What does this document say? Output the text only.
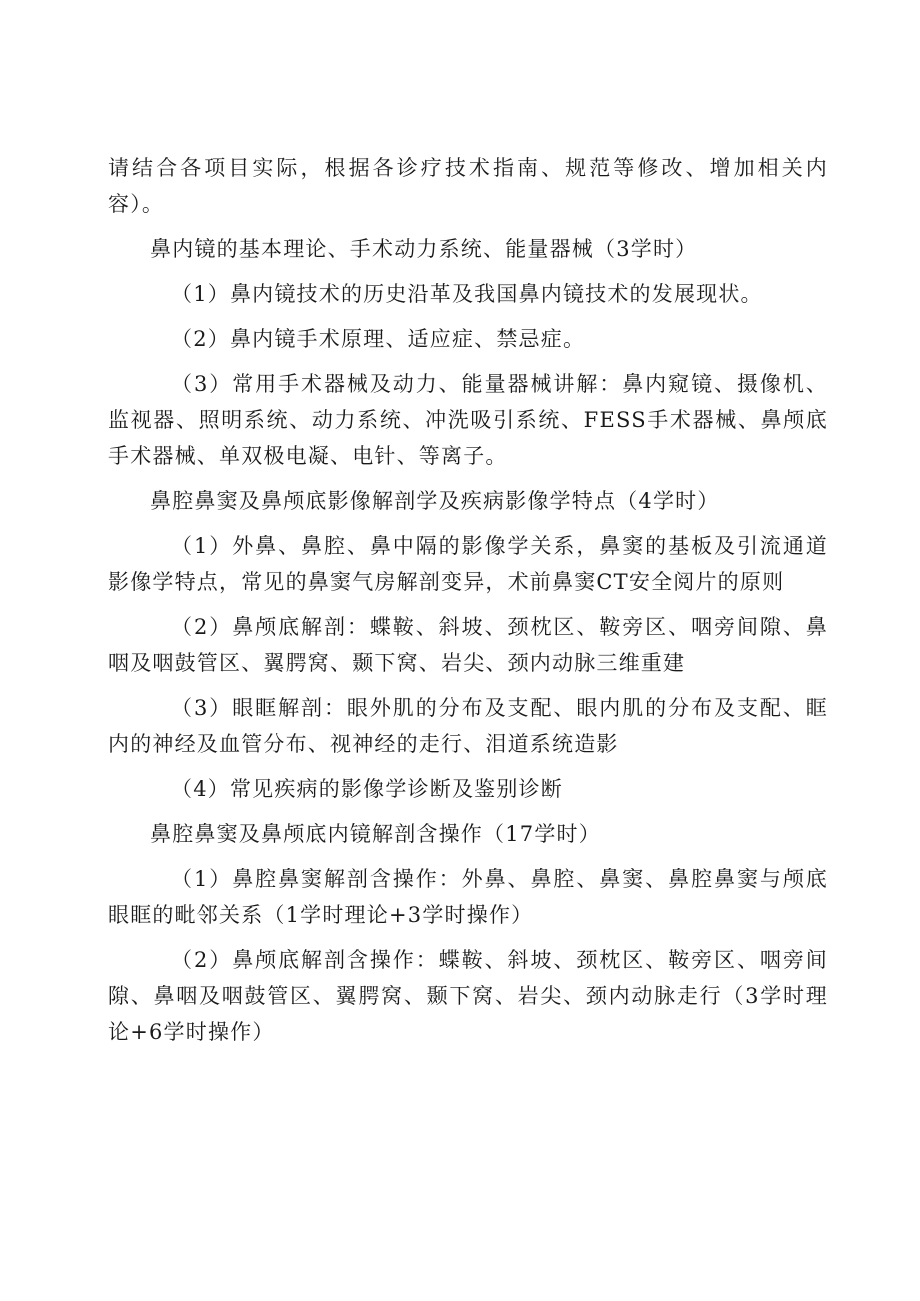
请结合各项目实际，根据各诊疗技术指南、规范等修改、增加相关内容）。

鼻内镜的基本理论、手术动力系统、能量器械（3学时）

（1）鼻内镜技术的历史沿革及我国鼻内镜技术的发展现状。

（2）鼻内镜手术原理、适应症、禁忌症。

（3）常用手术器械及动力、能量器械讲解：鼻内窥镜、摄像机、监视器、照明系统、动力系统、冲洗吸引系统、FESS手术器械、鼻颅底手术器械、单双极电凝、电针、等离子。

鼻腔鼻窦及鼻颅底影像解剖学及疾病影像学特点（4学时）

（1）外鼻、鼻腔、鼻中隔的影像学关系，鼻窦的基板及引流通道影像学特点，常见的鼻窦气房解剖变异，术前鼻窦CT安全阅片的原则

（2）鼻颅底解剖：蝶鞍、斜坡、颈枕区、鞍旁区、咽旁间隙、鼻咽及咽鼓管区、翼腭窝、颞下窝、岩尖、颈内动脉三维重建

（3）眼眶解剖：眼外肌的分布及支配、眼内肌的分布及支配、眶内的神经及血管分布、视神经的走行、泪道系统造影

（4）常见疾病的影像学诊断及鉴别诊断

鼻腔鼻窦及鼻颅底内镜解剖含操作（17学时）

（1）鼻腔鼻窦解剖含操作：外鼻、鼻腔、鼻窦、鼻腔鼻窦与颅底眼眶的毗邻关系（1学时理论+3学时操作）

（2）鼻颅底解剖含操作：蝶鞍、斜坡、颈枕区、鞍旁区、咽旁间隙、鼻咽及咽鼓管区、翼腭窝、颞下窝、岩尖、颈内动脉走行（3学时理论+6学时操作）
